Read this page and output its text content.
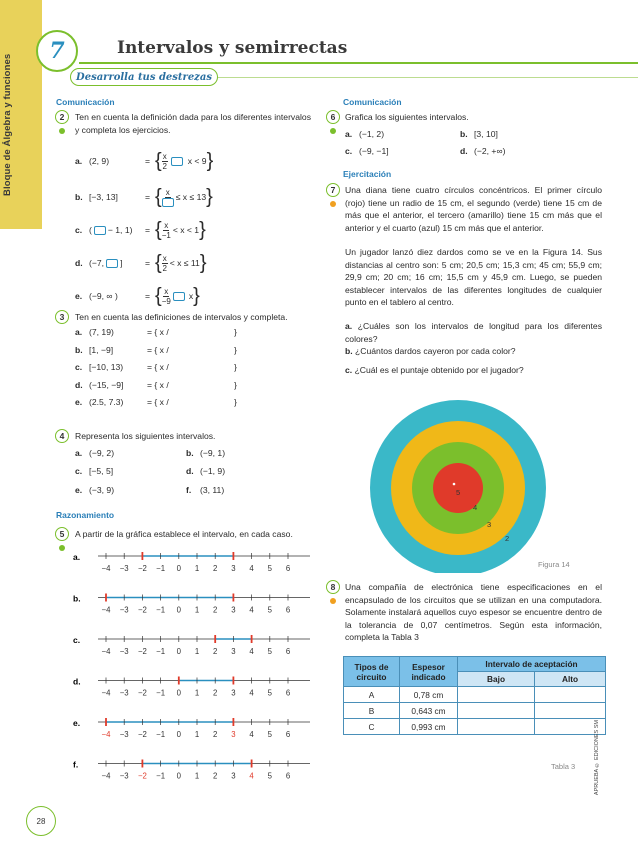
Bloque de Álgebra y funciones
28
7	Intervalos y semirrectas
Desarrolla tus destrezas
Comunicación
2	Ten en cuenta la definición dada para los diferentes intervalos y completa los ejercicios.
a. (2, 9)	= { $\frac{x}{2}$ x < 9}
b. [−3, 13]	= { x ≤ x ≤ 13}
c. ( − 1, 1) = { $\frac{x}{-1} < x < 1$}
d. (−7, ]	= { $\frac{x}{2} < x \le 11$}
e. (−9, ∞ )	= { $\frac{x}{-9} x$}
3	Ten en cuenta las definiciones de intervalos y completa.
a. (7, 19)	= { x /	}
b. [1, −9]	= { x /	}
c. [−10, 13)	= { x /	}
d. (−15, −9]	= { x /	}
e. (2.5, 7.3)	= { x /	}
4	Representa los siguientes intervalos.
a. (−9, 2)	b. (−9, 1)
c. [−5, 5]	d. (−1, 9)
e. (−3, 9)	f. (3, 11)
Razonamiento
5	A partir de la gráfica establece el intervalo, en cada caso.
a.
−4 −3 −2 −1 0 1 2 3 4 5 6
b.
−4 −3 −2 −1 0 1 2 3 4 5 6
c.
−4 −3 −2 −1 0 1 2 3 4 5 6
d.
−4 −3 −2 −1 0 1 2 3 4 5 6
e.
−4 −3 −2 −1 0 1 2 3 4 5 6
f.
−4 −3 −2 −1 0 1 2 3 4 5 6
Comunicación
6	Grafica los siguientes intervalos.
a. (−1, 2)	b. [3, 10]
c. (−9, −1]	d. (−2, +∞)
Ejercitación
7	Una diana tiene cuatro círculos concéntricos. El primer círculo (rojo) tiene un radio de 15 cm, el segundo (verde) tiene 15 cm de más que el anterior, el tercero (amarillo) tiene 15 cm más que el anterior y el cuarto (azul) 15 cm más que el anterior.
Un jugador lanzó diez dardos como se ve en la Figura 14. Sus distancias al centro son: 5 cm; 20,5 cm; 15,3 cm; 45 cm; 55,9 cm; 29,9 cm; 20 cm; 16 cm; 15,5 cm y 45,9 cm. Luego, se pueden establecer intervalos de las diferentes longitudes de cualquier punto en el tablero al centro.
a. ¿Cuáles son los intervalos de longitud para los diferentes colores?
b. ¿Cuántos dardos cayeron por cada color?
c. ¿Cuál es el puntaje obtenido por el jugador?
5
4
3
2
Figura 14
8	Una compañía de electrónica tiene especificaciones en el encapsulado de los circuitos que se utilizan en una computadora. Solamente instalará aquellos cuyo espesor se encuentre dentro de la tolerancia de 0,07 centímetros. Según esta información, completa la Tabla 3
Tipos de circuito	Espesor indicado	Intervalo de aceptación	
		Bajo	Alto
A	0,78 cm		
B	0,643 cm		
C	0,993 cm		
Tabla 3	APRUEBA © EDICIONES SM
